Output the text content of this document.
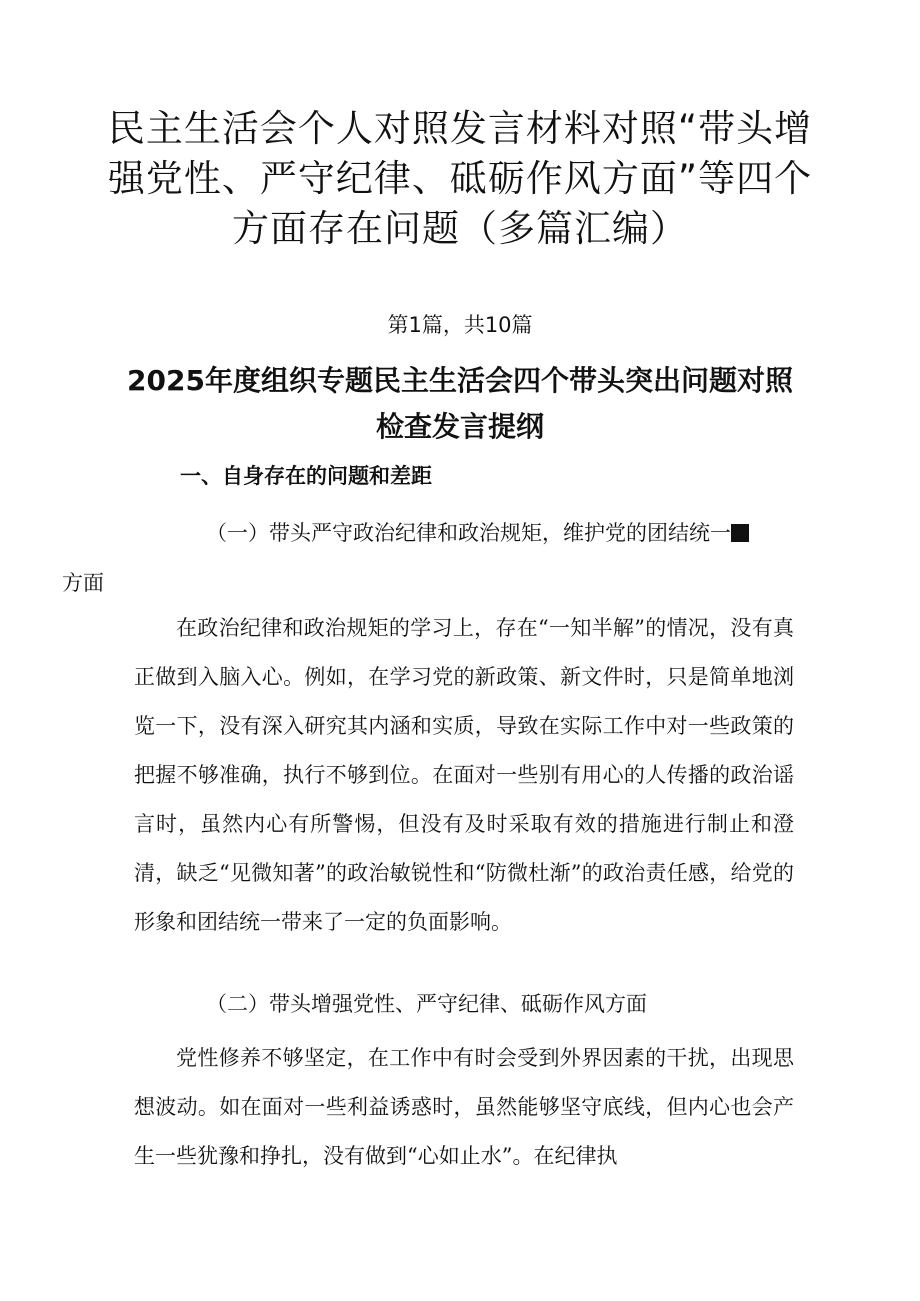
民主生活会个人对照发言材料对照“带头增强党性、严守纪律、砥砺作风方面”等四个方面存在问题（多篇汇编）
第1篇，共10篇
2025年度组织专题民主生活会四个带头突出问题对照检查发言提纲
一、自身存在的问题和差距
（一）带头严守政治纪律和政治规矩，维护党的团结统一
方面
在政治纪律和政治规矩的学习上，存在“一知半解”的情况，没有真正做到入脑入心。例如，在学习党的新政策、新文件时，只是简单地浏览一下，没有深入研究其内涵和实质，导致在实际工作中对一些政策的把握不够准确，执行不够到位。在面对一些别有用心的人传播的政治谣言时，虽然内心有所警惕，但没有及时采取有效的措施进行制止和澄清，缺乏“见微知著”的政治敏锐性和“防微杜渐”的政治责任感，给党的形象和团结统一带来了一定的负面影响。
（二）带头增强党性、严守纪律、砥砺作风方面
党性修养不够坚定，在工作中有时会受到外界因素的干扰，出现思想波动。如在面对一些利益诱惑时，虽然能够坚守底线，但内心也会产生一些犹豫和挣扎，没有做到“心如止水”。在纪律执
